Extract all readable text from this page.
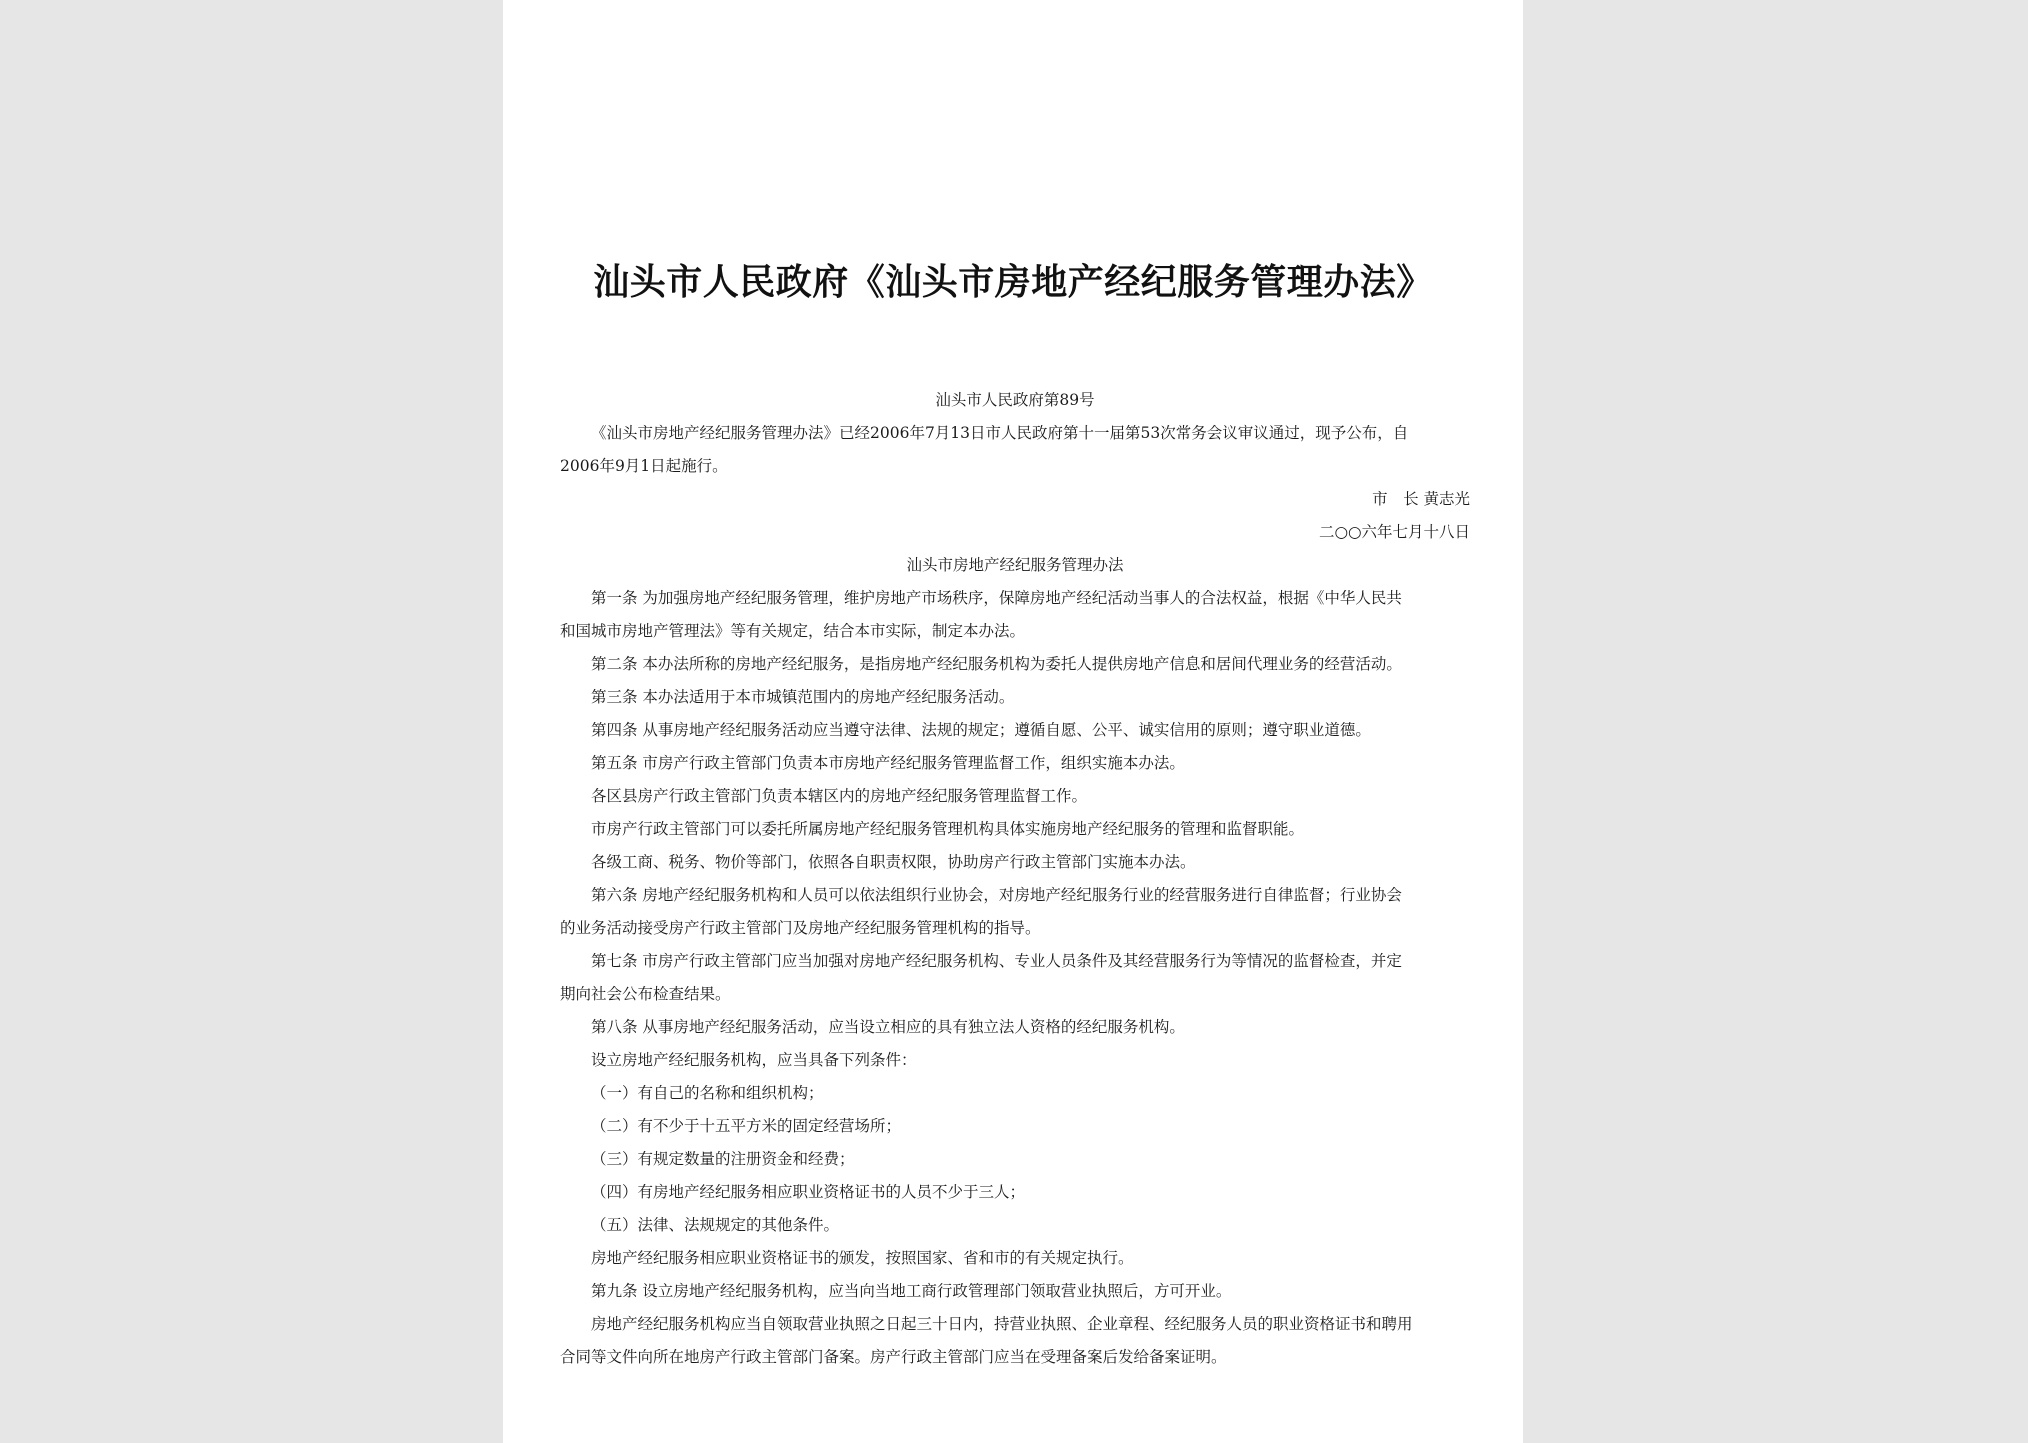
汕头市人民政府《汕头市房地产经纪服务管理办法》
汕头市人民政府第89号
《汕头市房地产经纪服务管理办法》已经2006年7月13日市人民政府第十一届第53次常务会议审议通过，现予公布，自
2006年9月1日起施行。
市　长 黄志光
二○○六年七月十八日
汕头市房地产经纪服务管理办法
第一条 为加强房地产经纪服务管理，维护房地产市场秩序，保障房地产经纪活动当事人的合法权益，根据《中华人民共
和国城市房地产管理法》等有关规定，结合本市实际，制定本办法。
第二条 本办法所称的房地产经纪服务，是指房地产经纪服务机构为委托人提供房地产信息和居间代理业务的经营活动。
第三条 本办法适用于本市城镇范围内的房地产经纪服务活动。
第四条 从事房地产经纪服务活动应当遵守法律、法规的规定；遵循自愿、公平、诚实信用的原则；遵守职业道德。
第五条 市房产行政主管部门负责本市房地产经纪服务管理监督工作，组织实施本办法。
各区县房产行政主管部门负责本辖区内的房地产经纪服务管理监督工作。
市房产行政主管部门可以委托所属房地产经纪服务管理机构具体实施房地产经纪服务的管理和监督职能。
各级工商、税务、物价等部门，依照各自职责权限，协助房产行政主管部门实施本办法。
第六条 房地产经纪服务机构和人员可以依法组织行业协会，对房地产经纪服务行业的经营服务进行自律监督；行业协会
的业务活动接受房产行政主管部门及房地产经纪服务管理机构的指导。
第七条 市房产行政主管部门应当加强对房地产经纪服务机构、专业人员条件及其经营服务行为等情况的监督检查，并定
期向社会公布检查结果。
第八条 从事房地产经纪服务活动，应当设立相应的具有独立法人资格的经纪服务机构。
设立房地产经纪服务机构，应当具备下列条件：
（一）有自己的名称和组织机构；
（二）有不少于十五平方米的固定经营场所；
（三）有规定数量的注册资金和经费；
（四）有房地产经纪服务相应职业资格证书的人员不少于三人；
（五）法律、法规规定的其他条件。
房地产经纪服务相应职业资格证书的颁发，按照国家、省和市的有关规定执行。
第九条 设立房地产经纪服务机构，应当向当地工商行政管理部门领取营业执照后，方可开业。
房地产经纪服务机构应当自领取营业执照之日起三十日内，持营业执照、企业章程、经纪服务人员的职业资格证书和聘用
合同等文件向所在地房产行政主管部门备案。房产行政主管部门应当在受理备案后发给备案证明。
